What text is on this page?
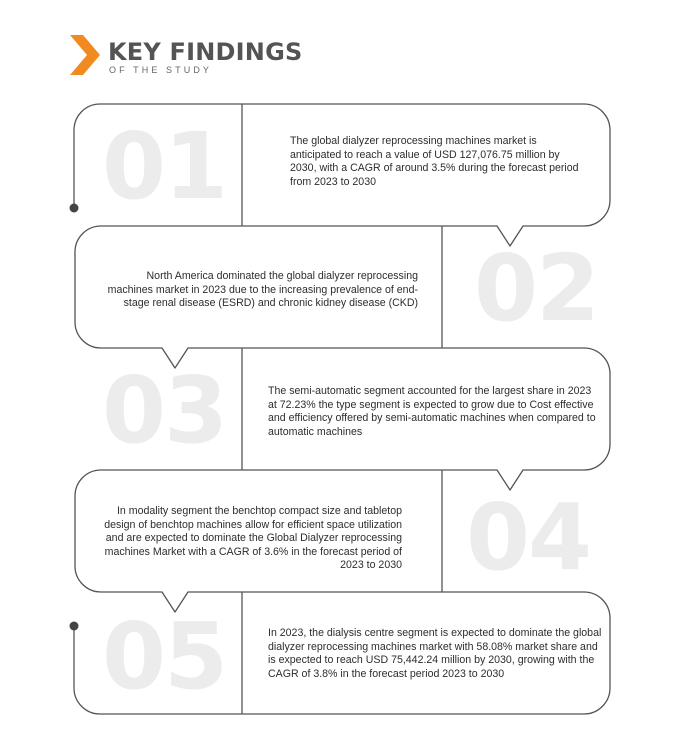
KEY FINDINGS
OF THE STUDY
01
02
03
04
05

The global dialyzer reprocessing machines market is anticipated to reach a value of USD 127,076.75 million by 2030, with a CAGR of around 3.5% during the forecast period from 2023 to 2030

North America dominated the global dialyzer reprocessing machines market in 2023 due to the increasing prevalence of end-stage renal disease (ESRD) and chronic kidney disease (CKD)

The semi-automatic segment accounted for the largest share in 2023 at 72.23% the type segment is expected to grow due to Cost effective and efficiency offered by semi-automatic machines when compared to automatic machines

In modality segment the benchtop compact size and tabletop design of benchtop machines allow for efficient space utilization and are expected to dominate the Global Dialyzer reprocessing machines Market with a CAGR of 3.6% in the forecast period of 2023 to 2030

In 2023, the dialysis centre segment is expected to dominate the global dialyzer reprocessing machines market with 58.08% market share and is expected to reach USD 75,442.24 million by 2030, growing with the CAGR of 3.8% in the forecast period 2023 to 2030
